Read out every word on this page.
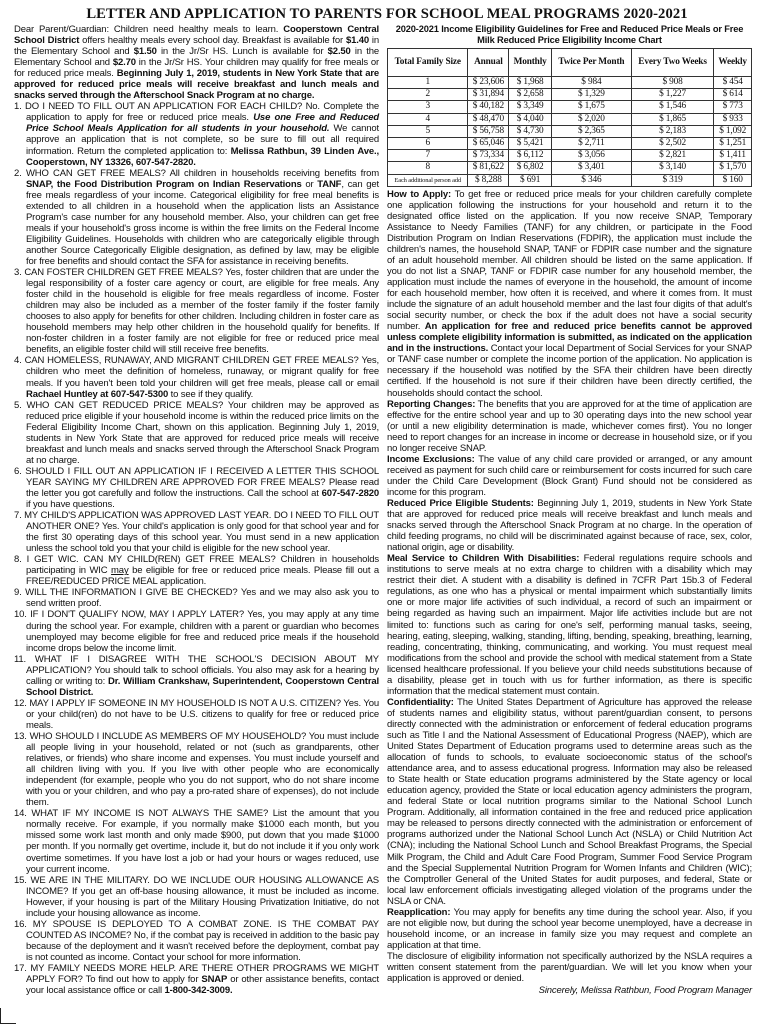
LETTER AND APPLICATION TO PARENTS FOR SCHOOL MEAL PROGRAMS 2020-2021

Dear Parent/Guardian: Children need healthy meals to learn. Cooperstown Central School District offers healthy meals every school day. Breakfast is available for $1.40 in the Elementary School and $1.50 in the Jr/Sr HS. Lunch is available for $2.50 in the Elementary School and $2.70 in the Jr/Sr HS. Your children may qualify for free meals or for reduced price meals. Beginning July 1, 2019, students in New York State that are approved for reduced price meals will receive breakfast and lunch meals and snacks served through the Afterschool Snack Program at no charge.

1. DO I NEED TO FILL OUT AN APPLICATION FOR EACH CHILD? No. Complete the application to apply for free or reduced price meals. Use one Free and Reduced Price School Meals Application for all students in your household. We cannot approve an application that is not complete, so be sure to fill out all required information. Return the completed application to: Melissa Rathbun, 39 Linden Ave., Cooperstown, NY 13326, 607-547-2820.
2. WHO CAN GET FREE MEALS? All children in households receiving benefits from SNAP, the Food Distribution Program on Indian Reservations or TANF, can get free meals regardless of your income. Categorical eligibility for free meal benefits is extended to all children in a household when the application lists an Assistance Program's case number for any household member. Also, your children can get free meals if your household's gross income is within the free limits on the Federal Income Eligibility Guidelines. Households with children who are categorically eligible through another Source Categorically Eligible designation, as defined by law, may be eligible for free benefits and should contact the SFA for assistance in receiving benefits.
3. CAN FOSTER CHILDREN GET FREE MEALS? Yes, foster children that are under the legal responsibility of a foster care agency or court, are eligible for free meals. Any foster child in the household is eligible for free meals regardless of income. Foster children may also be included as a member of the foster family if the foster family chooses to also apply for benefits for other children. Including children in foster care as household members may help other children in the household qualify for benefits. If non-foster children in a foster family are not eligible for free or reduced price meal benefits, an eligible foster child will still receive free benefits.
4. CAN HOMELESS, RUNAWAY, AND MIGRANT CHILDREN GET FREE MEALS? Yes, children who meet the definition of homeless, runaway, or migrant qualify for free meals. If you haven't been told your children will get free meals, please call or email Rachael Huntley at 607-547-5300 to see if they qualify.
5. WHO CAN GET REDUCED PRICE MEALS? Your children may be approved as reduced price eligible if your household income is within the reduced price limits on the Federal Eligibility Income Chart, shown on this application. Beginning July 1, 2019, students in New York State that are approved for reduced price meals will receive breakfast and lunch meals and snacks served through the Afterschool Snack Program at no charge.
6. SHOULD I FILL OUT AN APPLICATION IF I RECEIVED A LETTER THIS SCHOOL YEAR SAYING MY CHILDREN ARE APPROVED FOR FREE MEALS? Please read the letter you got carefully and follow the instructions. Call the school at 607-547-2820 if you have questions.
7. MY CHILD'S APPLICATION WAS APPROVED LAST YEAR. DO I NEED TO FILL OUT ANOTHER ONE? Yes. Your child's application is only good for that school year and for the first 30 operating days of this school year. You must send in a new application unless the school told you that your child is eligible for the new school year.
8. I GET WIC. CAN MY CHILD(REN) GET FREE MEALS? Children in households participating in WIC may be eligible for free or reduced price meals. Please fill out a FREE/REDUCED PRICE MEAL application.
9. WILL THE INFORMATION I GIVE BE CHECKED? Yes and we may also ask you to send written proof.
10. IF I DON'T QUALIFY NOW, MAY I APPLY LATER? Yes, you may apply at any time during the school year. For example, children with a parent or guardian who becomes unemployed may become eligible for free and reduced price meals if the household income drops below the income limit.
11. WHAT IF I DISAGREE WITH THE SCHOOL'S DECISION ABOUT MY APPLICATION? You should talk to school officials. You also may ask for a hearing by calling or writing to: Dr. William Crankshaw, Superintendent, Cooperstown Central School District.
12. MAY I APPLY IF SOMEONE IN MY HOUSEHOLD IS NOT A U.S. CITIZEN? Yes. You or your child(ren) do not have to be U.S. citizens to qualify for free or reduced price meals.
13. WHO SHOULD I INCLUDE AS MEMBERS OF MY HOUSEHOLD? You must include all people living in your household, related or not (such as grandparents, other relatives, or friends) who share income and expenses. You must include yourself and all children living with you. If you live with other people who are economically independent (for example, people who you do not support, who do not share income with you or your children, and who pay a pro-rated share of expenses), do not include them.
14. WHAT IF MY INCOME IS NOT ALWAYS THE SAME? List the amount that you normally receive. For example, if you normally make $1000 each month, but you missed some work last month and only made $900, put down that you made $1000 per month. If you normally get overtime, include it, but do not include it if you only work overtime sometimes. If you have lost a job or had your hours or wages reduced, use your current income.
15. WE ARE IN THE MILITARY. DO WE INCLUDE OUR HOUSING ALLOWANCE AS INCOME? If you get an off-base housing allowance, it must be included as income. However, if your housing is part of the Military Housing Privatization Initiative, do not include your housing allowance as income.
16. MY SPOUSE IS DEPLOYED TO A COMBAT ZONE. IS THE COMBAT PAY COUNTED AS INCOME? No, if the combat pay is received in addition to the basic pay because of the deployment and it wasn't received before the deployment, combat pay is not counted as income. Contact your school for more information.
17. MY FAMILY NEEDS MORE HELP. ARE THERE OTHER PROGRAMS WE MIGHT APPLY FOR? To find out how to apply for SNAP or other assistance benefits, contact your local assistance office or call 1-800-342-3009.
2020-2021 Income Eligibility Guidelines for Free and Reduced Price Meals or Free Milk Reduced Price Eligibility Income Chart
Total Family Size	Annual	Monthly	Twice Per Month	Every Two Weeks	Weekly
1	$ 23,606	$ 1,968	$ 984	$ 908	$ 454
2	$ 31,894	$ 2,658	$ 1,329	$ 1,227	$ 614
3	$ 40,182	$ 3,349	$ 1,675	$ 1,546	$ 773
4	$ 48,470	$ 4,040	$ 2,020	$ 1,865	$ 933
5	$ 56,758	$ 4,730	$ 2,365	$ 2,183	$ 1,092
6	$ 65,046	$ 5,421	$ 2,711	$ 2,502	$ 1,251
7	$ 73,334	$ 6,112	$ 3,056	$ 2,821	$ 1,411
8	$ 81,622	$ 6,802	$ 3,401	$ 3,140	$ 1,570
Each additional person add	$ 8,288	$ 691	$ 346	$ 319	$ 160

How to Apply: To get free or reduced price meals for your children carefully complete one application following the instructions for your household and return it to the designated office listed on the application. If you now receive SNAP, Temporary Assistance to Needy Families (TANF) for any children, or participate in the Food Distribution Program on Indian Reservations (FDPIR), the application must include the children's names, the household SNAP, TANF or FDPIR case number and the signature of an adult household member. All children should be listed on the same application. If you do not list a SNAP, TANF or FDPIR case number for any household member, the application must include the names of everyone in the household, the amount of income for each household member, how often it is received, and where it comes from. It must include the signature of an adult household member and the last four digits of that adult's social security number, or check the box if the adult does not have a social security number. An application for free and reduced price benefits cannot be approved unless complete eligibility information is submitted, as indicated on the application and in the instructions. Contact your local Department of Social Services for your SNAP or TANF case number or complete the income portion of the application. No application is necessary if the household was notified by the SFA their children have been directly certified. If the household is not sure if their children have been directly certified, the households should contact the school.

Reporting Changes: The benefits that you are approved for at the time of application are effective for the entire school year and up to 30 operating days into the new school year (or until a new eligibility determination is made, whichever comes first). You no longer need to report changes for an increase in income or decrease in household size, or if you no longer receive SNAP.

Income Exclusions: The value of any child care provided or arranged, or any amount received as payment for such child care or reimbursement for costs incurred for such care under the Child Care Development (Block Grant) Fund should not be considered as income for this program.

Reduced Price Eligible Students: Beginning July 1, 2019, students in New York State that are approved for reduced price meals will receive breakfast and lunch meals and snacks served through the Afterschool Snack Program at no charge. In the operation of child feeding programs, no child will be discriminated against because of race, sex, color, national origin, age or disability.

Meal Service to Children With Disabilities: Federal regulations require schools and institutions to serve meals at no extra charge to children with a disability which may restrict their diet. A student with a disability is defined in 7CFR Part 15b.3 of Federal regulations, as one who has a physical or mental impairment which substantially limits one or more major life activities of such individual, a record of such an impairment or being regarded as having such an impairment. Major life activities include but are not limited to: functions such as caring for one's self, performing manual tasks, seeing, hearing, eating, sleeping, walking, standing, lifting, bending, speaking, breathing, learning, reading, concentrating, thinking, communicating, and working. You must request meal modifications from the school and provide the school with medical statement from a State licensed healthcare professional. If you believe your child needs substitutions because of a disability, please get in touch with us for further information, as there is specific information that the medical statement must contain.

Confidentiality: The United States Department of Agriculture has approved the release of students names and eligibility status, without parent/guardian consent, to persons directly connected with the administration or enforcement of federal education programs such as Title I and the National Assessment of Educational Progress (NAEP), which are United States Department of Education programs used to determine areas such as the allocation of funds to schools, to evaluate socioeconomic status of the school's attendance area, and to assess educational progress. Information may also be released to State health or State education programs administered by the State agency or local education agency, provided the State or local education agency administers the program, and federal State or local nutrition programs similar to the National School Lunch Program. Additionally, all information contained in the free and reduced price application may be released to persons directly connected with the administration or enforcement of programs authorized under the National School Lunch Act (NSLA) or Child Nutrition Act (CNA); including the National School Lunch and School Breakfast Programs, the Special Milk Program, the Child and Adult Care Food Program, Summer Food Service Program and the Special Supplemental Nutrition Program for Women Infants and Children (WIC); the Comptroller General of the United States for audit purposes, and federal, State or local law enforcement officials investigating alleged violation of the programs under the NSLA or CNA.

Reapplication: You may apply for benefits any time during the school year. Also, if you are not eligible now, but during the school year become unemployed, have a decrease in household income, or an increase in family size you may request and complete an application at that time.

The disclosure of eligibility information not specifically authorized by the NSLA requires a written consent statement from the parent/guardian. We will let you know when your application is approved or denied.

Sincerely, Melissa Rathbun, Food Program Manager
